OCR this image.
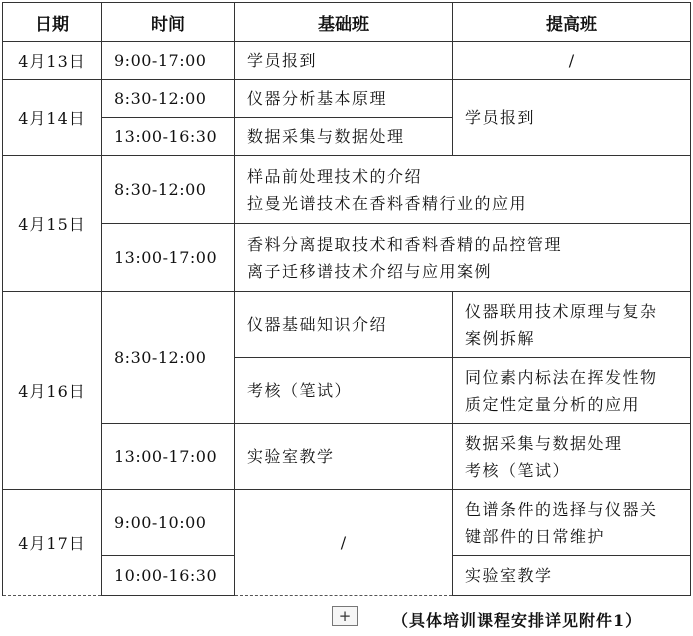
日期	时间	基础班	提高班
4月13日	9:00-17:00	学员报到	/
4月14日	8:30-12:00	仪器分析基本原理	学员报到
	13:00-16:30	数据采集与数据处理	
4月15日	8:30-12:00	样品前处理技术的介绍
拉曼光谱技术在香料香精行业的应用	
	13:00-17:00	香料分离提取技术和香料香精的品控管理
离子迁移谱技术介绍与应用案例	
4月16日	8:30-12:00	仪器基础知识介绍	仪器联用技术原理与复杂
案例拆解
		考核（笔试）	同位素内标法在挥发性物
质定性定量分析的应用
	13:00-17:00	实验室教学	数据采集与数据处理
考核（笔试）
4月17日	9:00-10:00	/	色谱条件的选择与仪器关
键部件的日常维护
	10:00-16:30		实验室教学
+	（具体培训课程安排详见附件1）
